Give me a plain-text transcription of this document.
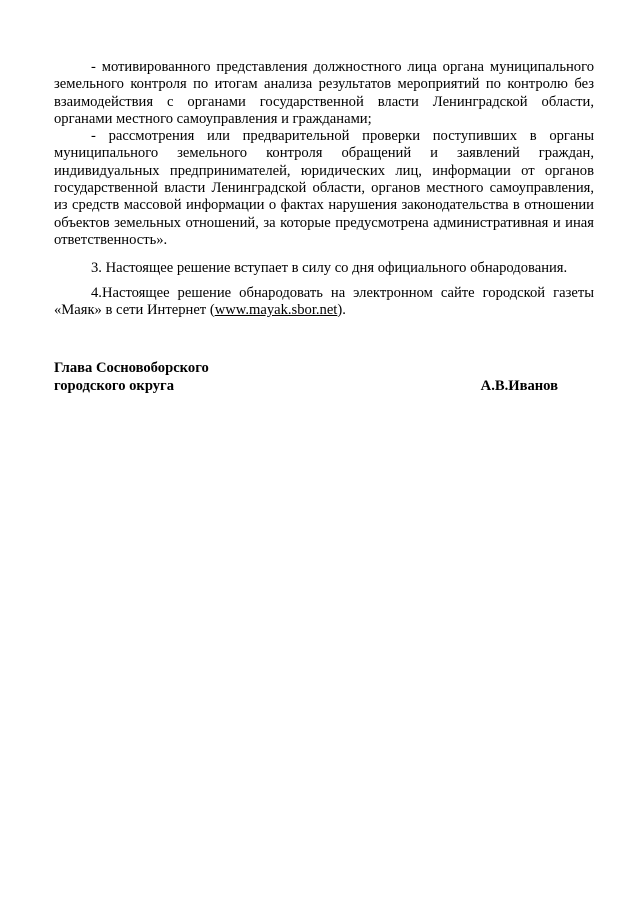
- мотивированного представления должностного лица органа муниципального земельного контроля по итогам анализа результатов мероприятий по контролю без взаимодействия с органами государственной власти Ленинградской области, органами местного самоуправления и гражданами;

- рассмотрения или предварительной проверки поступивших в органы муниципального земельного контроля обращений и заявлений граждан, индивидуальных предпринимателей, юридических лиц, информации от органов государственной власти Ленинградской области, органов местного самоуправления, из средств массовой информации о фактах нарушения законодательства в отношении объектов земельных отношений, за которые предусмотрена административная и иная ответственность».

3. Настоящее решение вступает в силу со дня официального обнародования.

4.Настоящее решение обнародовать на электронном сайте городской газеты «Маяк» в сети Интернет (www.mayak.sbor.net).

Глава Сосновоборского
городского округа	А.В.Иванов
